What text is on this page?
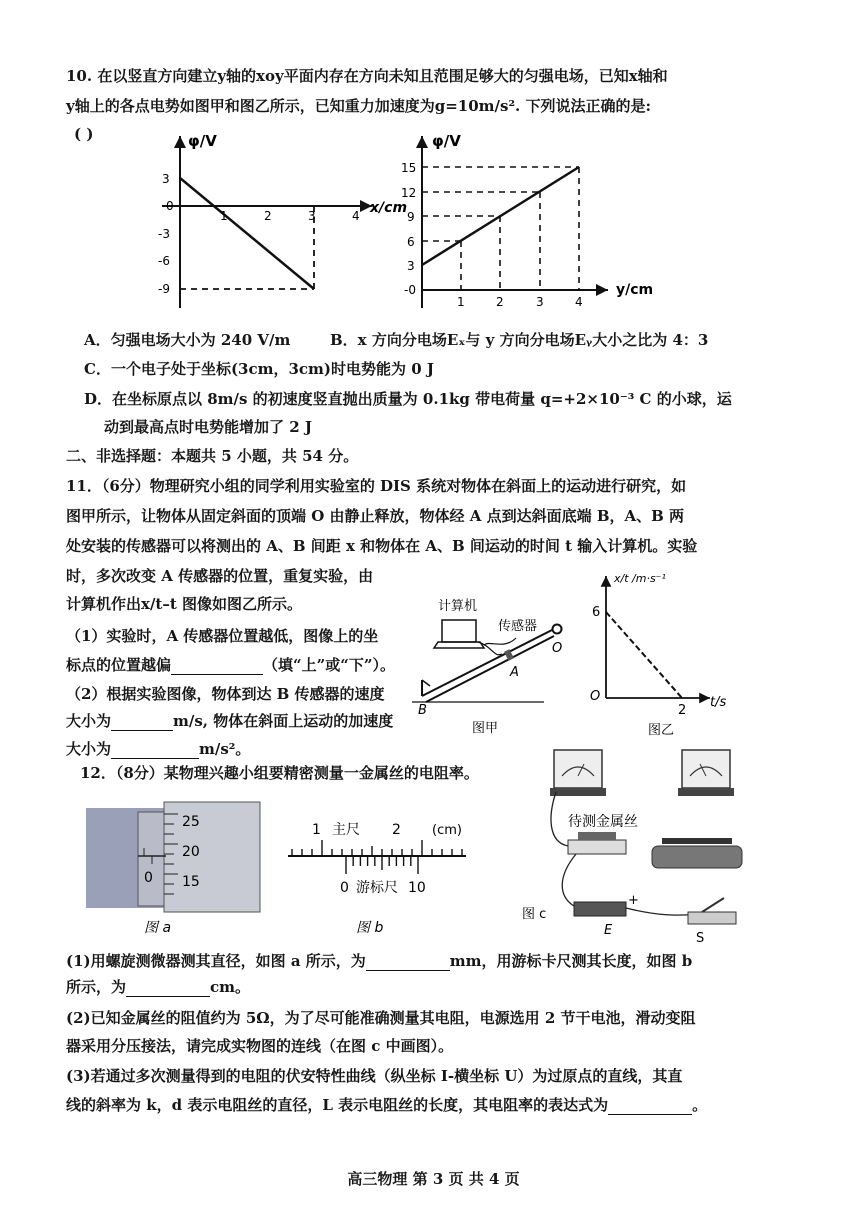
10. 在以竖直方向建立y轴的xoy平面内存在方向未知且范围足够大的匀强电场，已知x轴和
y轴上的各点电势如图甲和图乙所示，已知重力加速度为g=10m/s². 下列说法正确的是:
( )	φ/V
x/cm
3
0
-3
-6
-9
1	2	3	4
φ/V
y/cm
15
12
9
6
3
-0
1	2	3	4
A．匀强电场大小为 240 V/m	B．x 方向分电场Eₓ与 y 方向分电场Eᵧ大小之比为 4：3
C．一个电子处于坐标(3cm，3cm)时电势能为 0 J
D．在坐标原点以 8m/s 的初速度竖直抛出质量为 0.1kg 带电荷量 q=+2×10⁻³ C 的小球，运
动到最高点时电势能增加了 2 J
二、非选择题：本题共 5 小题，共 54 分。
11．（6分）物理研究小组的同学利用实验室的 DIS 系统对物体在斜面上的运动进行研究，如
图甲所示，让物体从固定斜面的顶端 O 由静止释放，物体经 A 点到达斜面底端 B，A、B 两
处安装的传感器可以将测出的 A、B 间距 x 和物体在 A、B 间运动的时间 t 输入计算机。实验
时，多次改变 A 传感器的位置，重复实验，由
计算机作出x/t–t 图像如图乙所示。
（1）实验时，A 传感器位置越低，图像上的坐
标点的位置越偏	（填“上”或“下”）。
（2）根据实验图像，物体到达 B 传感器的速度
大小为	m/s, 物体在斜面上运动的加速度
大小为	m/s²。
计算机
传感器
O
A
B
图甲
x/t /m·s⁻¹
6
O
2
t/s
图乙
12．（8分）某物理兴趣小组要精密测量一金属丝的电阻率。
25
20
15
0
图 a
1 主尺 2 (cm)
0 游标尺 10
图 b
待测金属丝
图 c
E
+
S
(1)用螺旋测微器测其直径，如图 a 所示，为	mm，用游标卡尺测其长度，如图 b
所示，为	cm。
(2)已知金属丝的阻值约为 5Ω，为了尽可能准确测量其电阻，电源选用 2 节干电池，滑动变阻
器采用分压接法，请完成实物图的连线（在图 c 中画图）。
(3)若通过多次测量得到的电阻的伏安特性曲线（纵坐标 I-横坐标 U）为过原点的直线，其直
线的斜率为 k，d 表示电阻丝的直径，L 表示电阻丝的长度，其电阻率的表达式为	。
高三物理 第 3 页 共 4 页
